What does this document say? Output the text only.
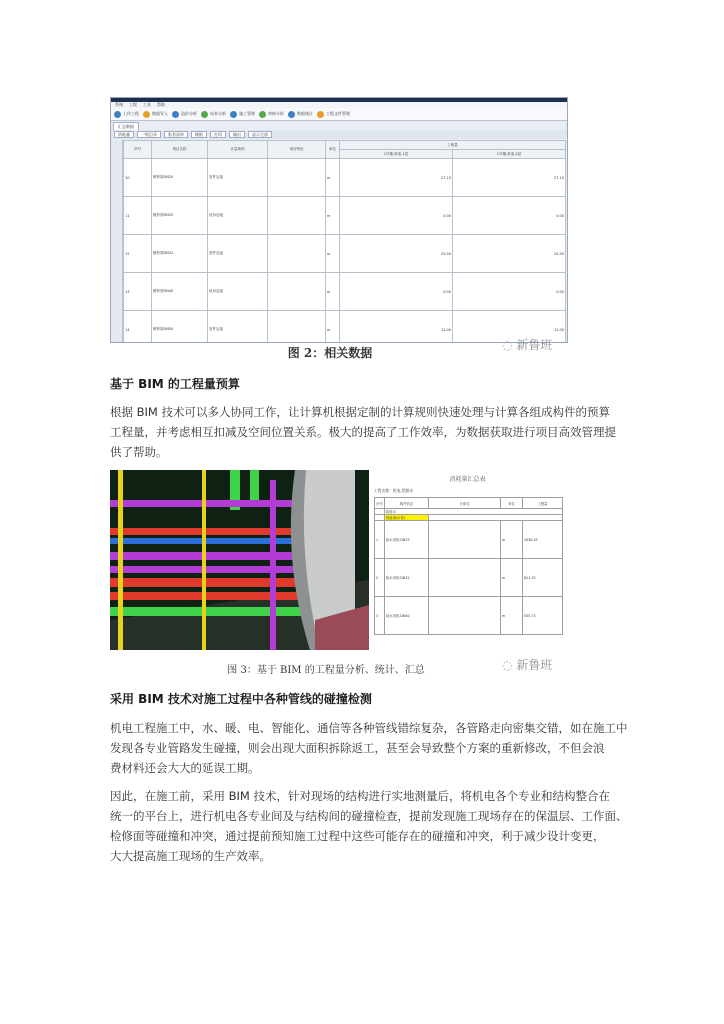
系统 工程 工具 帮助
上传工程	数据导入	造价分析	成本分析	施工管理	审核分析	数据统计	工程文件管理
汇总数据
消耗量	一级目录	私有清单	模板	打印	输出	显示全部
序号	项目名称	计量规则	项目特征	单位	工程量	
					1号楼-机电-1层	1号楼-机电-2层
10	镀锌管DN20	管件连接		m	27.10	27.10
11	镀锌管DN25	丝扣连接		m	0.00	0.00
12	镀锌管DN32	管件连接		m	25.50	25.50
13	镀锌管DN40	丝扣连接		m	0.00	0.00
14	镀锌管DN50	管件连接		m	12.00	12.00
图 2：相关数据
◌ 新鲁班
基于 BIM 的工程量预算
根据 BIM 技术可以多人协同工作，让计算机根据定制的计算规则快速处理与计算各组成构件的预算
工程量，并考虑相互扣减及空间位置关系。极大的提高了工作效率，为数据获取进行项目高效管理提
供了帮助。
消耗量汇总表
工程名称：机电-给排水
序号	构件信息	计算式	单位	工程量
	给排水			
	管道(给水管)			
1	给水用管-DN25		m	1030.45
2	给水用管-DN32		m	821.35
3	给水用管-DN40		m	555.75
图 3：基于 BIM 的工程量分析、统计、汇总	◌ 新鲁班
采用 BIM 技术对施工过程中各种管线的碰撞检测
机电工程施工中，水、暖、电、智能化、通信等各种管线错综复杂，各管路走向密集交错，如在施工中
发现各专业管路发生碰撞，则会出现大面积拆除返工，甚至会导致整个方案的重新修改，不但会浪
费材料还会大大的延误工期。
因此，在施工前，采用 BIM 技术，针对现场的结构进行实地测量后，将机电各个专业和结构整合在
统一的平台上，进行机电各专业间及与结构间的碰撞检查，提前发现施工现场存在的保温层、工作面、
检修面等碰撞和冲突，通过提前预知施工过程中这些可能存在的碰撞和冲突，利于减少设计变更，
大大提高施工现场的生产效率。
